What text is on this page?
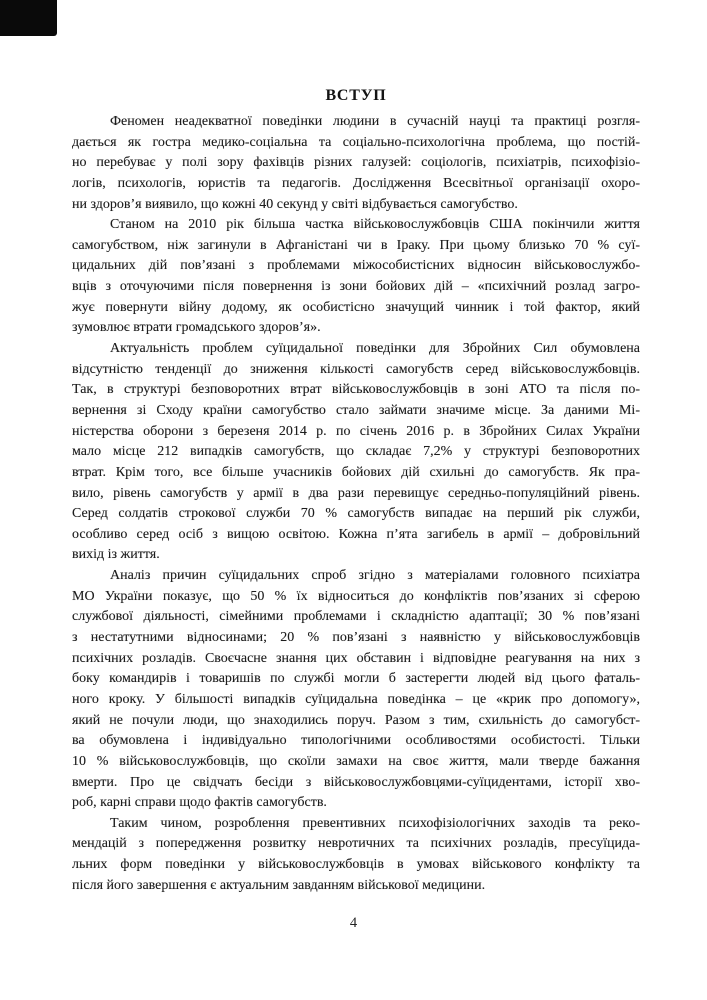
ВСТУП
Феномен неадекватної поведінки людини в сучасній науці та практиці розгля-
дається як гостра медико-соціальна та соціально-психологічна проблема, що постій-
но перебуває у полі зору фахівців різних галузей: соціологів, психіатрів, психофізіо-
логів, психологів, юристів та педагогів. Дослідження Всесвітньої організації охоро-
ни здоров’я виявило, що кожні 40 секунд у світі відбувається самогубство.
Станом на 2010 рік більша частка військовослужбовців США покінчили життя
самогубством, ніж загинули в Афганістані чи в Іраку. При цьому близько 70 % суї-
цидальних дій пов’язані з проблемами міжособистісних відносин військовослужбо-
вців з оточуючими після повернення із зони бойових дій – «психічний розлад загро-
жує повернути війну додому, як особистісно значущий чинник і той фактор, який
зумовлює втрати громадського здоров’я».
Актуальність проблем суїцидальної поведінки для Збройних Сил обумовлена
відсутністю тенденції до зниження кількості самогубств серед військовослужбовців.
Так, в структурі безповоротних втрат військовослужбовців в зоні АТО та після по-
вернення зі Сходу країни самогубство стало займати значиме місце. За даними Мі-
ністерства оборони з березеня 2014 р. по січень 2016 р. в Збройних Силах України
мало місце 212 випадків самогубств, що складає 7,2% у структурі безповоротних
втрат. Крім того, все більше учасників бойових дій схильні до самогубств. Як пра-
вило, рівень самогубств у армії в два рази перевищує середньо-популяційний рівень.
Серед солдатів строкової служби 70 % самогубств випадає на перший рік служби,
особливо серед осіб з вищою освітою. Кожна п’ята загибель в армії – добровільний
вихід із життя.
Аналіз причин суїцидальних спроб згідно з матеріалами головного психіатра
МО України показує, що 50 % їх відноситься до конфліктів пов’язаних зі сферою
службової діяльності, сімейними проблемами і складністю адаптації; 30 % пов’язані
з нестатутними відносинами; 20 % пов’язані з наявністю у військовослужбовців
психічних розладів. Своєчасне знання цих обставин і відповідне реагування на них з
боку командирів і товаришів по службі могли б застерегти людей від цього фаталь-
ного кроку. У більшості випадків суїцидальна поведінка – це «крик про допомогу»,
який не почули люди, що знаходились поруч. Разом з тим, схильність до самогубст-
ва обумовлена і індивідуально типологічними особливостями особистості. Тільки
10 % військовослужбовців, що скоїли замахи на своє життя, мали тверде бажання
вмерти. Про це свідчать бесіди з військовослужбовцями-суїцидентами, історії хво-
роб, карні справи щодо фактів самогубств.
Таким чином, розроблення превентивних психофізіологічних заходів та реко-
мендацій з попередження розвитку невротичних та психічних розладів, пресуїцида-
льних форм поведінки у військовослужбовців в умовах військового конфлікту та
після його завершення є актуальним завданням військової медицини.
4
